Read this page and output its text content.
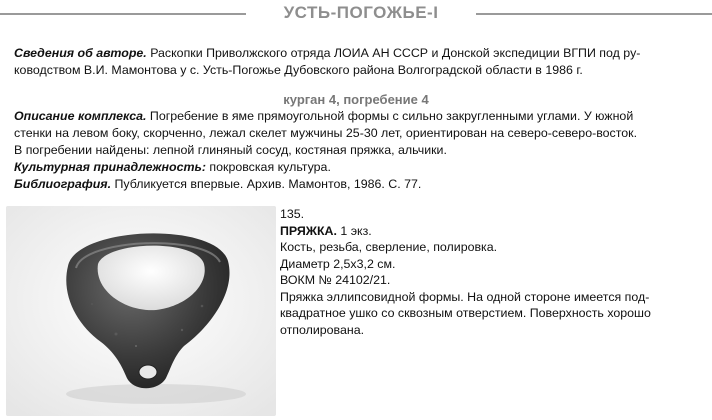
УСТЬ-ПОГОЖЬЕ-I
Сведения об авторе. Раскопки Приволжского отряда ЛОИА АН СССР и Донской экспедиции ВГПИ под ру-
ководством В.И. Мамонтова у с. Усть-Погожье Дубовского района Волгоградской области в 1986 г.
курган 4, погребение 4
Описание комплекса. Погребение в яме прямоугольной формы с сильно закругленными углами. У южной
стенки на левом боку, скорченно, лежал скелет мужчины 25-30 лет, ориентирован на северо-северо-восток.
В погребении найдены: лепной глиняный сосуд, костяная пряжка, альчики.
Культурная принадлежность: покровская культура.
Библиография. Публикуется впервые. Архив. Мамонтов, 1986. С. 77.
135.
ПРЯЖКА. 1 экз.
Кость, резьба, сверление, полировка.
Диаметр 2,5х3,2 см.
ВОКМ № 24102/21.
Пряжка эллипсовидной формы. На одной стороне имеется под-
квадратное ушко со сквозным отверстием. Поверхность хорошо
отполирована.
